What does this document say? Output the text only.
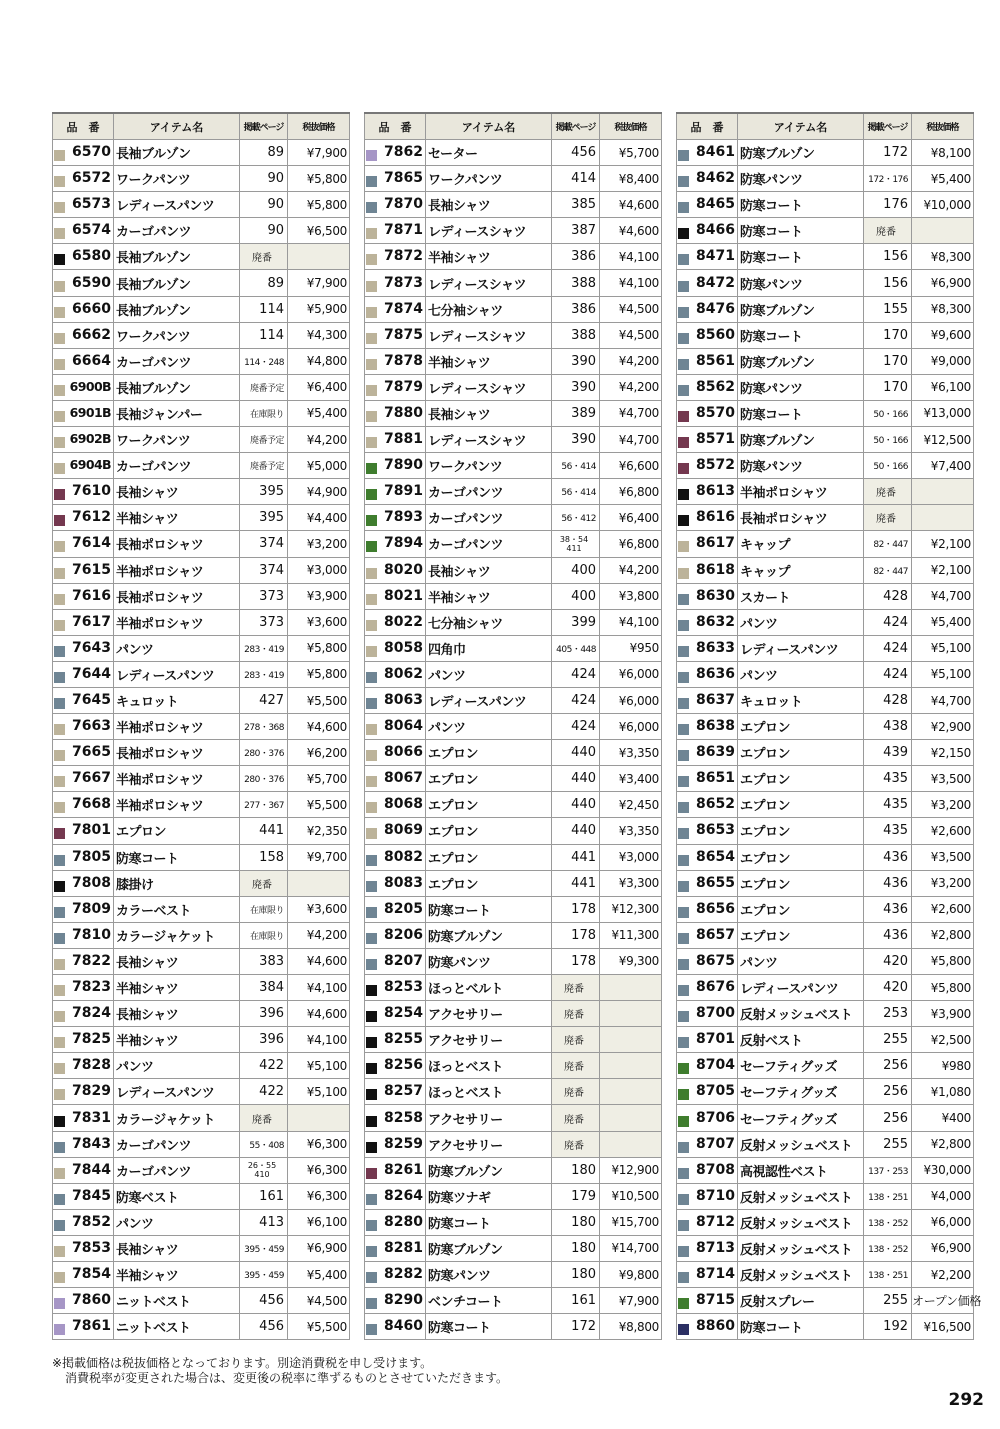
品　番	アイテム名	掲載ページ	税抜価格

6570	長袖ブルゾン	89	¥7,900

6572	ワークパンツ	90	¥5,800

6573	レディースパンツ	90	¥5,800

6574	カーゴパンツ	90	¥6,500

6580	長袖ブルゾン	廃番	

6590	長袖ブルゾン	89	¥7,900

6660	長袖ブルゾン	114	¥5,900

6662	ワークパンツ	114	¥4,300

6664	カーゴパンツ	114・248	¥4,800

6900B	長袖ブルゾン	廃番予定	¥6,400

6901B	長袖ジャンパー	在庫限り	¥5,400

6902B	ワークパンツ	廃番予定	¥4,200

6904B	カーゴパンツ	廃番予定	¥5,000

7610	長袖シャツ	395	¥4,900

7612	半袖シャツ	395	¥4,400

7614	長袖ポロシャツ	374	¥3,200

7615	半袖ポロシャツ	374	¥3,000

7616	長袖ポロシャツ	373	¥3,900

7617	半袖ポロシャツ	373	¥3,600

7643	パンツ	283・419	¥5,800

7644	レディースパンツ	283・419	¥5,800

7645	キュロット	427	¥5,500

7663	半袖ポロシャツ	278・368	¥4,600

7665	長袖ポロシャツ	280・376	¥6,200

7667	半袖ポロシャツ	280・376	¥5,700

7668	半袖ポロシャツ	277・367	¥5,500

7801	エプロン	441	¥2,350

7805	防寒コート	158	¥9,700

7808	膝掛け	廃番	

7809	カラーベスト	在庫限り	¥3,600

7810	カラージャケット	在庫限り	¥4,200

7822	長袖シャツ	383	¥4,600

7823	半袖シャツ	384	¥4,100

7824	長袖シャツ	396	¥4,600

7825	半袖シャツ	396	¥4,100

7828	パンツ	422	¥5,100

7829	レディースパンツ	422	¥5,100

7831	カラージャケット	廃番	

7843	カーゴパンツ	55・408	¥6,300

7844	カーゴパンツ	26・55
410	¥6,300

7845	防寒ベスト	161	¥6,300

7852	パンツ	413	¥6,100

7853	長袖シャツ	395・459	¥6,900

7854	半袖シャツ	395・459	¥5,400

7860	ニットベスト	456	¥4,500

7861	ニットベスト	456	¥5,500
品　番	アイテム名	掲載ページ	税抜価格

7862	セーター	456	¥5,700

7865	ワークパンツ	414	¥8,400

7870	長袖シャツ	385	¥4,600

7871	レディースシャツ	387	¥4,600

7872	半袖シャツ	386	¥4,100

7873	レディースシャツ	388	¥4,100

7874	七分袖シャツ	386	¥4,500

7875	レディースシャツ	388	¥4,500

7878	半袖シャツ	390	¥4,200

7879	レディースシャツ	390	¥4,200

7880	長袖シャツ	389	¥4,700

7881	レディースシャツ	390	¥4,700

7890	ワークパンツ	56・414	¥6,600

7891	カーゴパンツ	56・414	¥6,800

7893	カーゴパンツ	56・412	¥6,400

7894	カーゴパンツ	38・54
411	¥6,800

8020	長袖シャツ	400	¥4,200

8021	半袖シャツ	400	¥3,800

8022	七分袖シャツ	399	¥4,100

8058	四角巾	405・448	¥950

8062	パンツ	424	¥6,000

8063	レディースパンツ	424	¥6,000

8064	パンツ	424	¥6,000

8066	エプロン	440	¥3,350

8067	エプロン	440	¥3,400

8068	エプロン	440	¥2,450

8069	エプロン	440	¥3,350

8082	エプロン	441	¥3,000

8083	エプロン	441	¥3,300

8205	防寒コート	178	¥12,300

8206	防寒ブルゾン	178	¥11,300

8207	防寒パンツ	178	¥9,300

8253	ほっとベルト	廃番	

8254	アクセサリー	廃番	

8255	アクセサリー	廃番	

8256	ほっとベスト	廃番	

8257	ほっとベスト	廃番	

8258	アクセサリー	廃番	

8259	アクセサリー	廃番	

8261	防寒ブルゾン	180	¥12,900

8264	防寒ツナギ	179	¥10,500

8280	防寒コート	180	¥15,700

8281	防寒ブルゾン	180	¥14,700

8282	防寒パンツ	180	¥9,800

8290	ベンチコート	161	¥7,900

8460	防寒コート	172	¥8,800
品　番	アイテム名	掲載ページ	税抜価格

8461	防寒ブルゾン	172	¥8,100

8462	防寒パンツ	172・176	¥5,400

8465	防寒コート	176	¥10,000

8466	防寒コート	廃番	

8471	防寒コート	156	¥8,300

8472	防寒パンツ	156	¥6,900

8476	防寒ブルゾン	155	¥8,300

8560	防寒コート	170	¥9,600

8561	防寒ブルゾン	170	¥9,000

8562	防寒パンツ	170	¥6,100

8570	防寒コート	50・166	¥13,000

8571	防寒ブルゾン	50・166	¥12,500

8572	防寒パンツ	50・166	¥7,400

8613	半袖ポロシャツ	廃番	

8616	長袖ポロシャツ	廃番	

8617	キャップ	82・447	¥2,100

8618	キャップ	82・447	¥2,100

8630	スカート	428	¥4,700

8632	パンツ	424	¥5,400

8633	レディースパンツ	424	¥5,100

8636	パンツ	424	¥5,100

8637	キュロット	428	¥4,700

8638	エプロン	438	¥2,900

8639	エプロン	439	¥2,150

8651	エプロン	435	¥3,500

8652	エプロン	435	¥3,200

8653	エプロン	435	¥2,600

8654	エプロン	436	¥3,500

8655	エプロン	436	¥3,200

8656	エプロン	436	¥2,600

8657	エプロン	436	¥2,800

8675	パンツ	420	¥5,800

8676	レディースパンツ	420	¥5,800

8700	反射メッシュベスト	253	¥3,900

8701	反射ベスト	255	¥2,500

8704	セーフティグッズ	256	¥980

8705	セーフティグッズ	256	¥1,080

8706	セーフティグッズ	256	¥400

8707	反射メッシュベスト	255	¥2,800

8708	高視認性ベスト	137・253	¥30,000

8710	反射メッシュベスト	138・251	¥4,000

8712	反射メッシュベスト	138・252	¥6,000

8713	反射メッシュベスト	138・252	¥6,900

8714	反射メッシュベスト	138・251	¥2,200

8715	反射スプレー	255	オープン価格

8860	防寒コート	192	¥16,500
※掲載価格は税抜価格となっております。別途消費税を申し受けます。
消費税率が変更された場合は、変更後の税率に準ずるものとさせていただきます。
292
